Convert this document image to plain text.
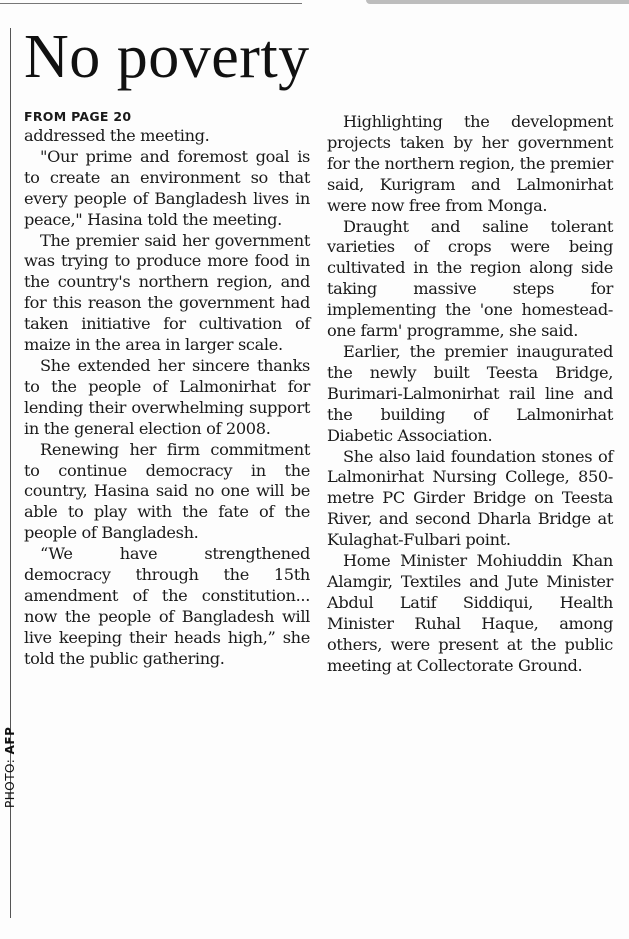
PHOTO: AFP
No poverty
FROM PAGE 20

addressed the meeting.

"Our prime and foremost goal is to create an environment so that every people of Bangladesh lives in peace," Hasina told the meeting.

The premier said her government was trying to produce more food in the country's northern region, and for this reason the government had taken initiative for cultivation of maize in the area in larger scale.

She extended her sincere thanks to the people of Lalmonirhat for lending their overwhelming support in the general election of 2008.

Renewing her firm commitment to continue democracy in the country, Hasina said no one will be able to play with the fate of the people of Bangladesh.

“We have strengthened democracy through the 15th amendment of the constitution... now the people of Bangladesh will live keeping their heads high,” she told the public gathering.

Highlighting the development projects taken by her government for the northern region, the premier said, Kurigram and Lalmonirhat were now free from Monga.

Draught and saline tolerant varieties of crops were being cultivated in the region along side taking massive steps for implementing the 'one homestead-one farm' programme, she said.

Earlier, the premier inaugurated the newly built Teesta Bridge, Burimari-Lalmonirhat rail line and the building of Lalmonirhat Diabetic Association.

She also laid foundation stones of Lalmonirhat Nursing College, 850-metre PC Girder Bridge on Teesta River, and second Dharla Bridge at Kulaghat-Fulbari point.

Home Minister Mohiuddin Khan Alamgir, Textiles and Jute Minister Abdul Latif Siddiqui, Health Minister Ruhal Haque, among others, were present at the public meeting at Collectorate Ground.
